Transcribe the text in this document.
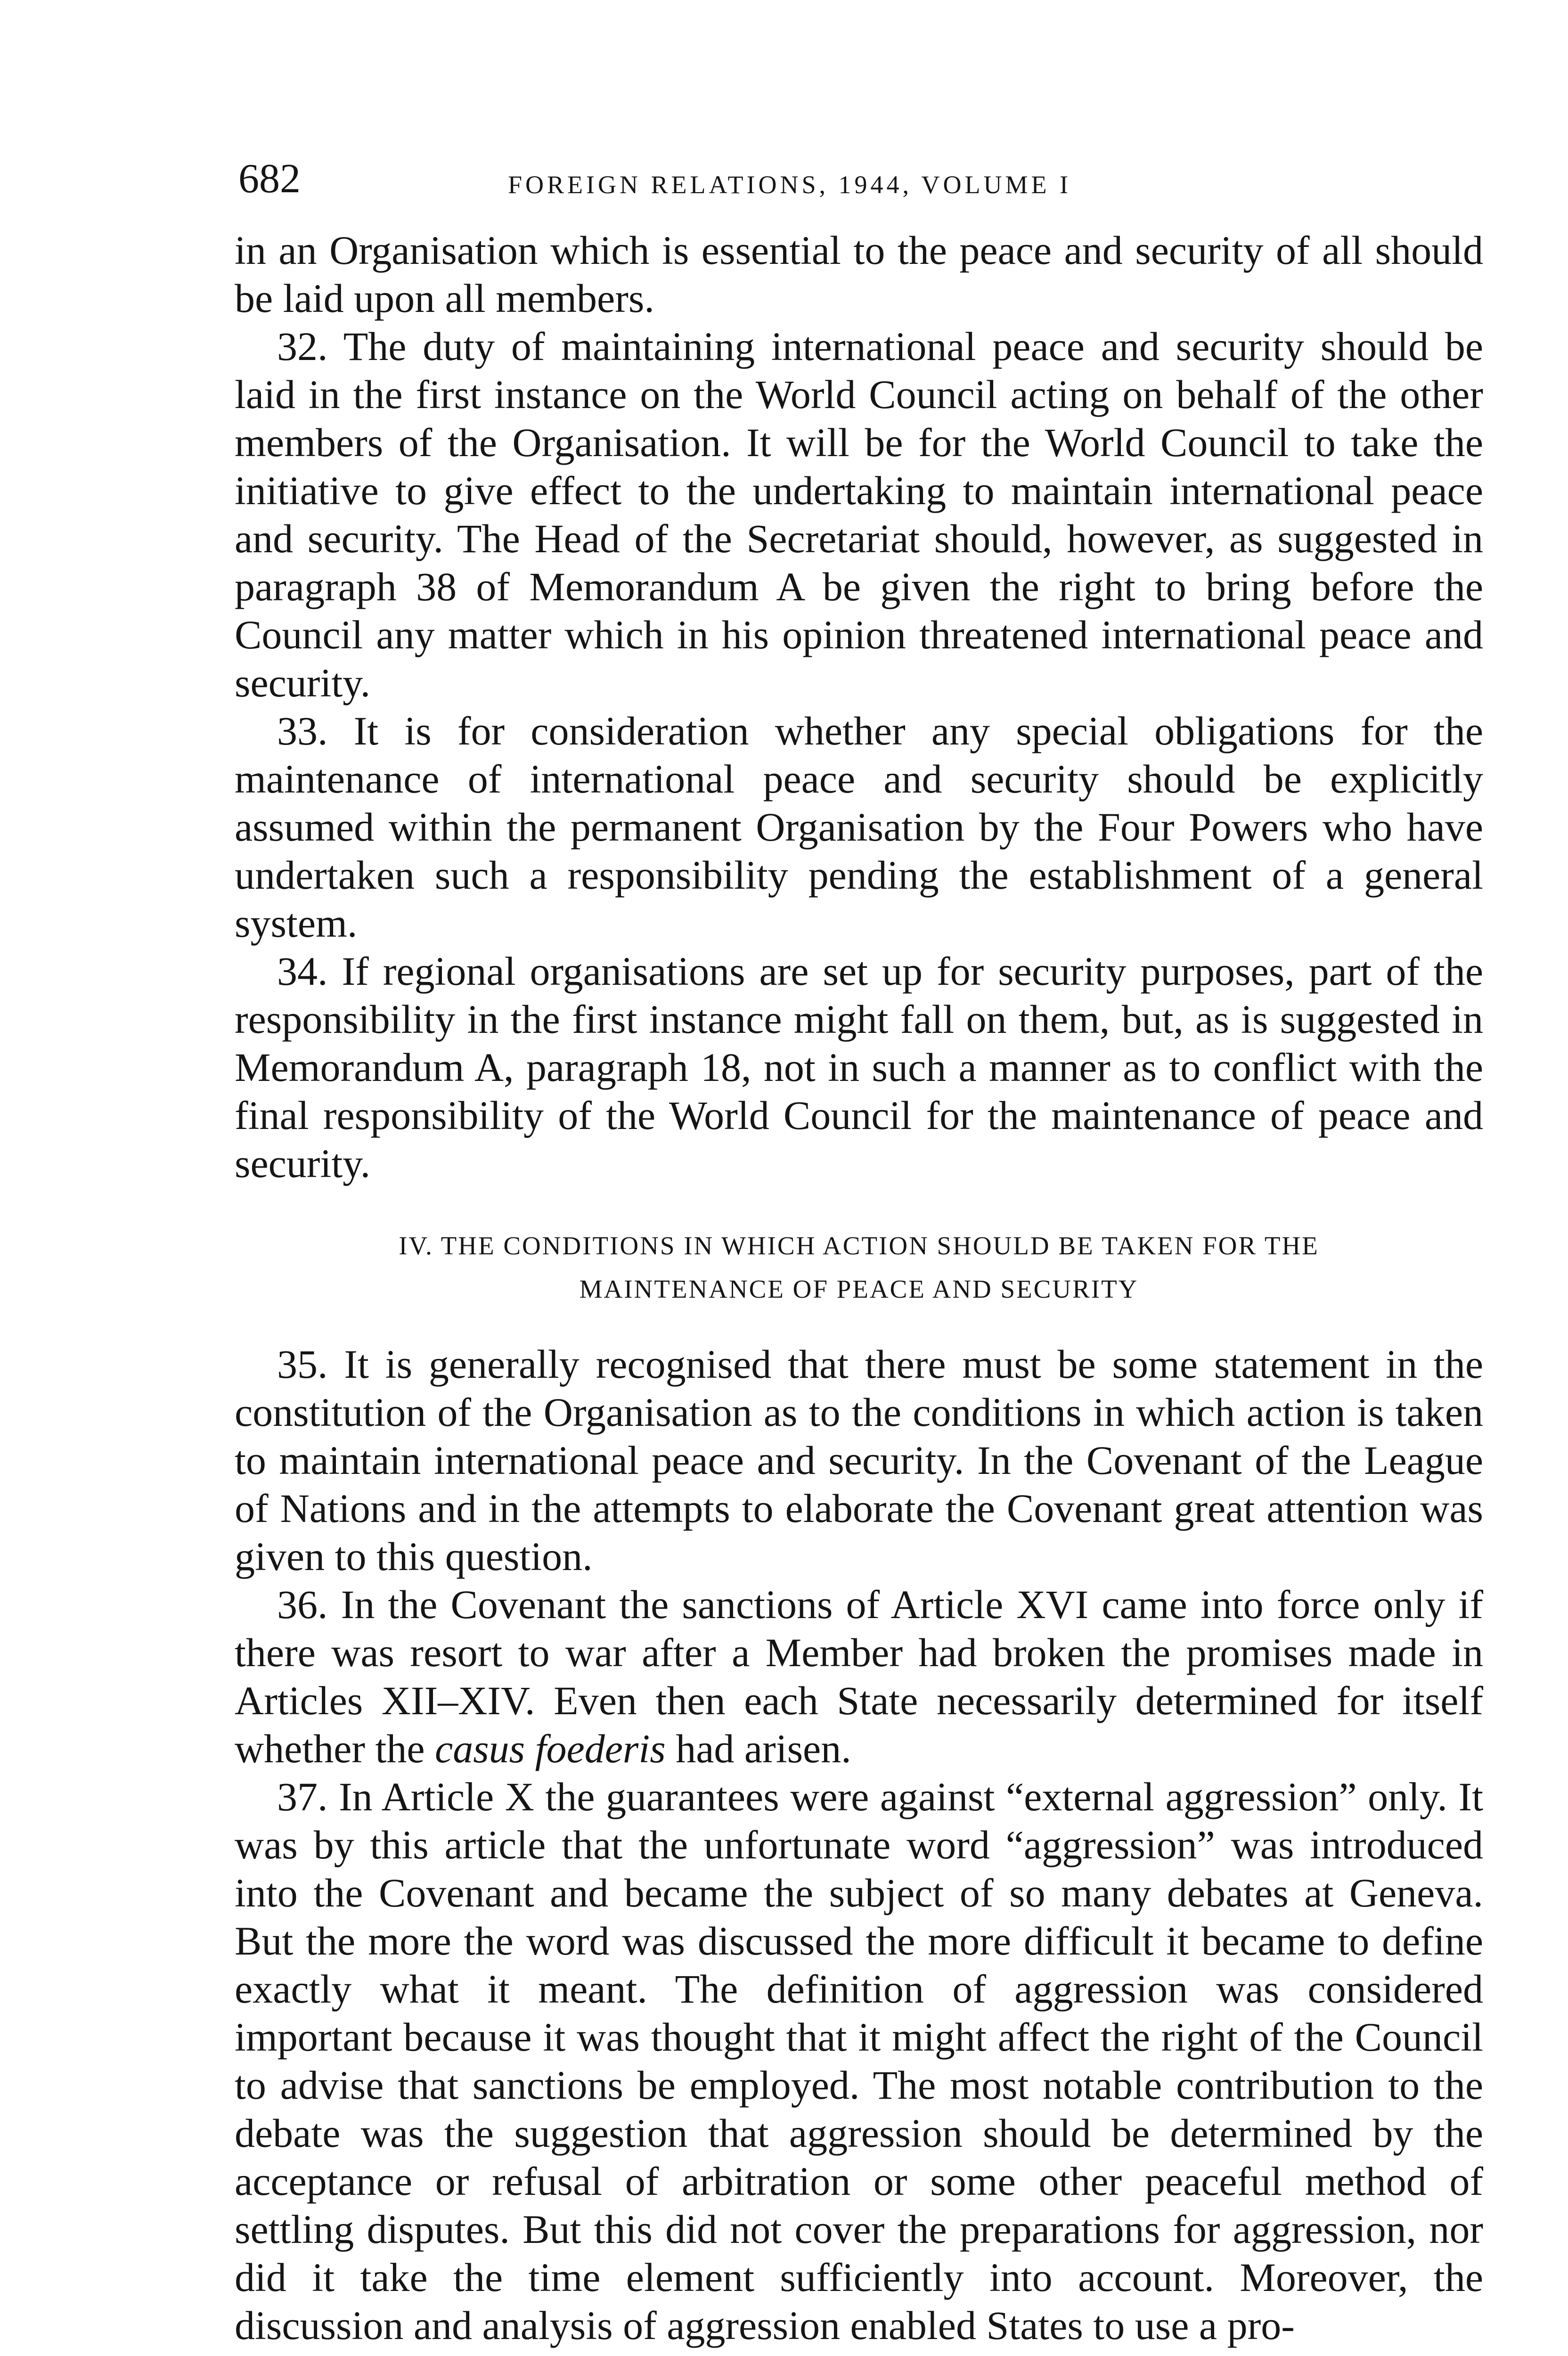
682	FOREIGN RELATIONS, 1944, VOLUME I

in an Organisation which is essential to the peace and security of all should be laid upon all members.

32. The duty of maintaining international peace and security should be laid in the first instance on the World Council acting on behalf of the other members of the Organisation. It will be for the World Council to take the initiative to give effect to the undertaking to maintain international peace and security. The Head of the Secretariat should, however, as suggested in paragraph 38 of Memorandum A be given the right to bring before the Council any matter which in his opinion threatened international peace and security.

33. It is for consideration whether any special obligations for the maintenance of international peace and security should be explicitly assumed within the permanent Organisation by the Four Powers who have undertaken such a responsibility pending the establishment of a general system.

34. If regional organisations are set up for security purposes, part of the responsibility in the first instance might fall on them, but, as is suggested in Memorandum A, paragraph 18, not in such a manner as to conflict with the final responsibility of the World Council for the maintenance of peace and security.

IV. THE CONDITIONS IN WHICH ACTION SHOULD BE TAKEN FOR THE
MAINTENANCE OF PEACE AND SECURITY

35. It is generally recognised that there must be some statement in the constitution of the Organisation as to the conditions in which action is taken to maintain international peace and security. In the Covenant of the League of Nations and in the attempts to elaborate the Covenant great attention was given to this question.

36. In the Covenant the sanctions of Article XVI came into force only if there was resort to war after a Member had broken the promises made in Articles XII–XIV. Even then each State necessarily determined for itself whether the casus foederis had arisen.

37. In Article X the guarantees were against “external aggression” only. It was by this article that the unfortunate word “aggression” was introduced into the Covenant and became the subject of so many debates at Geneva. But the more the word was discussed the more difficult it became to define exactly what it meant. The definition of aggression was considered important because it was thought that it might affect the right of the Council to advise that sanctions be employed. The most notable contribution to the debate was the suggestion that aggression should be determined by the acceptance or refusal of arbitration or some other peaceful method of settling disputes. But this did not cover the preparations for aggression, nor did it take the time element sufficiently into account. Moreover, the discussion and analysis of aggression enabled States to use a pro-
